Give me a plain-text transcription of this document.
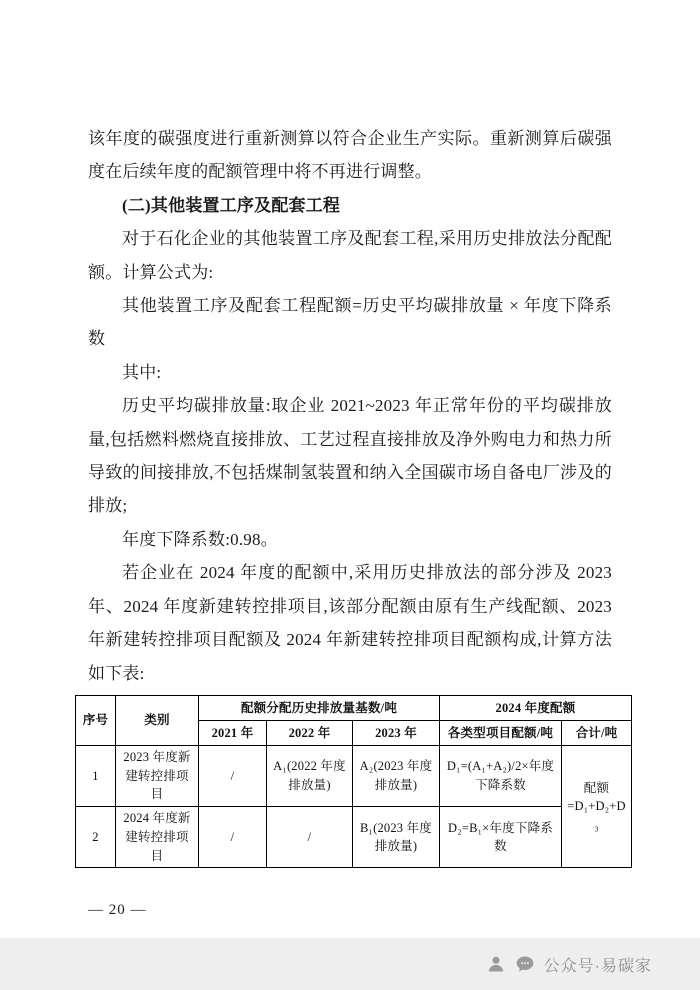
该年度的碳强度进行重新测算以符合企业生产实际。重新测算后碳强度在后续年度的配额管理中将不再进行调整。

(二)其他装置工序及配套工程

对于石化企业的其他装置工序及配套工程,采用历史排放法分配配额。计算公式为:

其他装置工序及配套工程配额=历史平均碳排放量 × 年度下降系数

其中:

历史平均碳排放量:取企业 2021~2023 年正常年份的平均碳排放量,包括燃料燃烧直接排放、工艺过程直接排放及净外购电力和热力所导致的间接排放,不包括煤制氢装置和纳入全国碳市场自备电厂涉及的排放;

年度下降系数:0.98。

若企业在 2024 年度的配额中,采用历史排放法的部分涉及 2023 年、2024 年度新建转控排项目,该部分配额由原有生产线配额、2023 年新建转控排项目配额及 2024 年新建转控排项目配额构成,计算方法如下表:

序号	类别	配额分配历史排放量基数/吨			2024 年度配额	
		2021 年	2022 年	2023 年	各类型项目配额/吨	合计/吨
1	2023 年度新建转控排项目	/	A₁(2022 年度排放量)	A₂(2023 年度排放量)	D₁=(A₁+A₂)/2×年度下降系数	配额
=D₁+D₂+D₃

2	2024 年度新建转控排项目	/	/	B₁(2023 年度排放量)	D₂=B₁×年度下降系数	
— 20 —
公众号·易碳家
